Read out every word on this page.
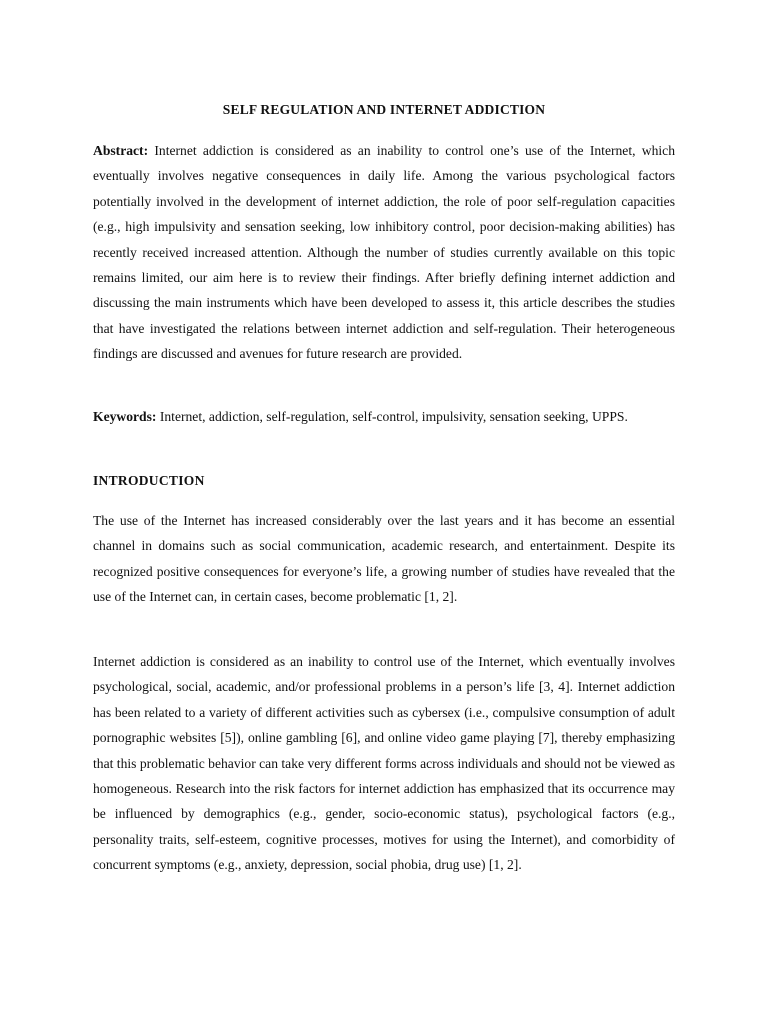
SELF REGULATION AND INTERNET ADDICTION

Abstract: Internet addiction is considered as an inability to control one’s use of the Internet, which eventually involves negative consequences in daily life. Among the various psychological factors potentially involved in the development of internet addiction, the role of poor self-regulation capacities (e.g., high impulsivity and sensation seeking, low inhibitory control, poor decision-making abilities) has recently received increased attention. Although the number of studies currently available on this topic remains limited, our aim here is to review their findings. After briefly defining internet addiction and discussing the main instruments which have been developed to assess it, this article describes the studies that have investigated the relations between internet addiction and self-regulation. Their heterogeneous findings are discussed and avenues for future research are provided.

Keywords: Internet, addiction, self-regulation, self-control, impulsivity, sensation seeking, UPPS.

INTRODUCTION

The use of the Internet has increased considerably over the last years and it has become an essential channel in domains such as social communication, academic research, and entertainment. Despite its recognized positive consequences for everyone’s life, a growing number of studies have revealed that the use of the Internet can, in certain cases, become problematic [1, 2].

Internet addiction is considered as an inability to control use of the Internet, which eventually involves psychological, social, academic, and/or professional problems in a person’s life [3, 4]. Internet addiction has been related to a variety of different activities such as cybersex (i.e., compulsive consumption of adult pornographic websites [5]), online gambling [6], and online video game playing [7], thereby emphasizing that this problematic behavior can take very different forms across individuals and should not be viewed as homogeneous. Research into the risk factors for internet addiction has emphasized that its occurrence may be influenced by demographics (e.g., gender, socio-economic status), psychological factors (e.g., personality traits, self-esteem, cognitive processes, motives for using the Internet), and comorbidity of concurrent symptoms (e.g., anxiety, depression, social phobia, drug use) [1, 2].
